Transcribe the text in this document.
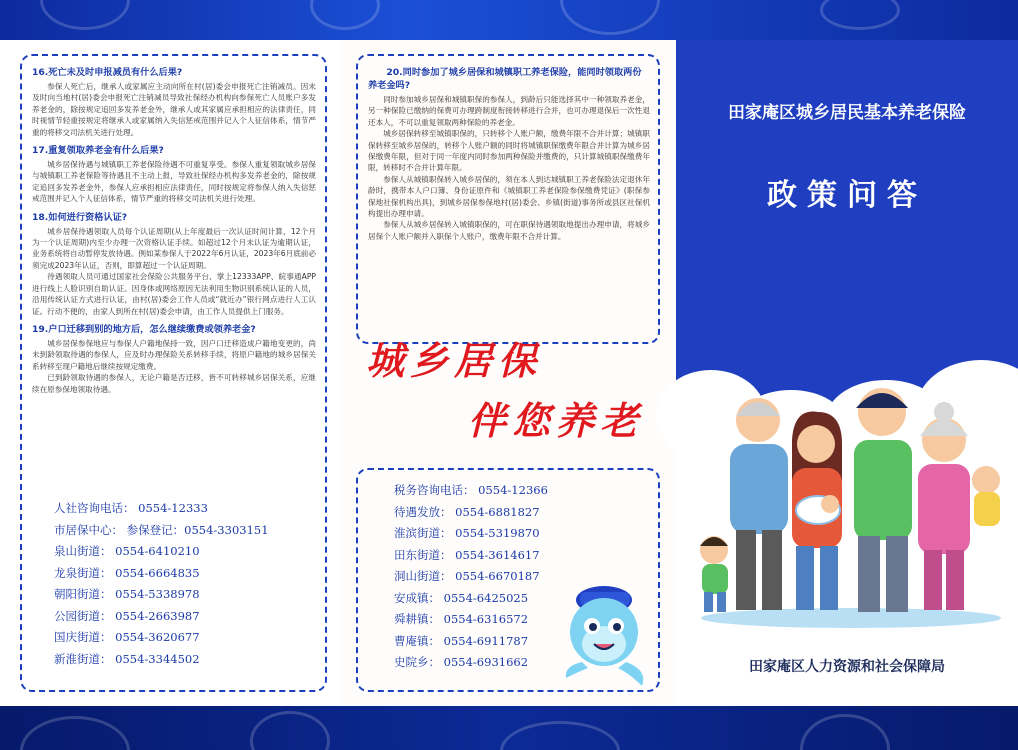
16.死亡未及时申报减员有什么后果?
参保人死亡后，继承人或家属应主动向所在村(居)委会申报死亡注销减员。因未及时向当地村(居)委会申报死亡注销减员导致社保经办机构向参保死亡人员账户多发养老金的，除按规定追回多发养老金外，继承人或其家属应承担相应的法律责任，同时视情节轻重按规定将继承人或家属纳入失信惩戒范围并记入个人征信体系，情节严重的将移交司法机关进行处理。
17.重复领取养老金有什么后果?
城乡居保待遇与城镇职工养老保险待遇不可重复享受。参保人重复领取城乡居保与城镇职工养老保险等待遇且不主动上报，导致社保经办机构多发养老金的，除按规定追回多发养老金外，参保人应承担相应法律责任，同时按规定将参保人纳入失信惩戒范围并记入个人征信体系，情节严重的将移交司法机关进行处理。
18.如何进行资格认证?
城乡居保待遇领取人员每个认证周期(从上年度最后一次认证时间计算，12个月为一个认证周期)内至少办理一次资格认证手续。如超过12个月未认证为逾期认证，业务系统将自动暂停发放待遇。例如某参保人于2022年6月认证，2023年6月底前必须完成2023年认证，否则，即算超过一个认证周期。
待遇领取人员可通过国家社会保险公共服务平台、掌上12333APP、皖事通APP进行线上人脸识别自助认证。因身体或网络原因无法利用生物识别系统认证的人员，沿用传统认证方式进行认证，由村(居)委会工作人员或“就近办”银行网点进行人工认证。行动不便的，由家人到所在村(居)委会申请，由工作人员提供上门服务。
19.户口迁移到别的地方后，怎么继续缴费或领养老金?
城乡居保参保地应与参保人户籍地保持一致，因户口迁移造成户籍地变更的，尚未到龄领取待遇的参保人，应及时办理保险关系转移手续，将原户籍地的城乡居保关系转移至现户籍地后继续按规定缴费。
已到龄领取待遇的参保人，无论户籍是否迁移，皆不可转移城乡居保关系，应继续在原参保地领取待遇。
人社咨询电话： 0554-12333
市居保中心： 参保登记：0554-3303151
泉山街道： 0554-6410210
龙泉街道： 0554-6664835
朝阳街道： 0554-5338978
公园街道： 0554-2663987
国庆街道： 0554-3620677
新淮街道： 0554-3344502
20.同时参加了城乡居保和城镇职工养老保险，能同时领取两份养老金吗?
同时参加城乡居保和城镇职保的参保人，到龄后只能选择其中一种领取养老金，另一种保险已缴纳的保费可办理跨制度衔接转移进行合并，也可办理退保后一次性退还本人，不可以重复领取两种保险的养老金。
城乡居保转移至城镇职保的，只转移个人账户额，缴费年限不合并计算；城镇职保转移至城乡居保的，转移个人账户额的同时将城镇职保缴费年限合并计算为城乡居保缴费年限，但对于同一年度内同时参加两种保险并缴费的，只计算城镇职保缴费年限，转移时不合并计算年限。
参保人从城镇职保转入城乡居保的，须在本人到达城镇职工养老保险法定退休年龄时，携带本人户口簿、身份证原件和《城镇职工养老保险参保缴费凭证》(职保参保地社保机构出具)，到城乡居保参保地村(居)委会、乡镇(街道)事务所或县区社保机构提出办理申请。
参保人从城乡居保转入城镇职保的，可在职保待遇领取地提出办理申请，将城乡居保个人账户额并入职保个人账户，缴费年限不合并计算。
城乡居保
伴您养老
税务咨询电话： 0554-12366
待遇发放： 0554-6881827
淮滨街道： 0554-5319870
田东街道： 0554-3614617
洞山街道： 0554-6670187
安成镇： 0554-6425025
舜耕镇： 0554-6316572
曹庵镇： 0554-6911787
史院乡： 0554-6931662
田家庵区城乡居民基本养老保险
政策问答
田家庵区人力资源和社会保障局
